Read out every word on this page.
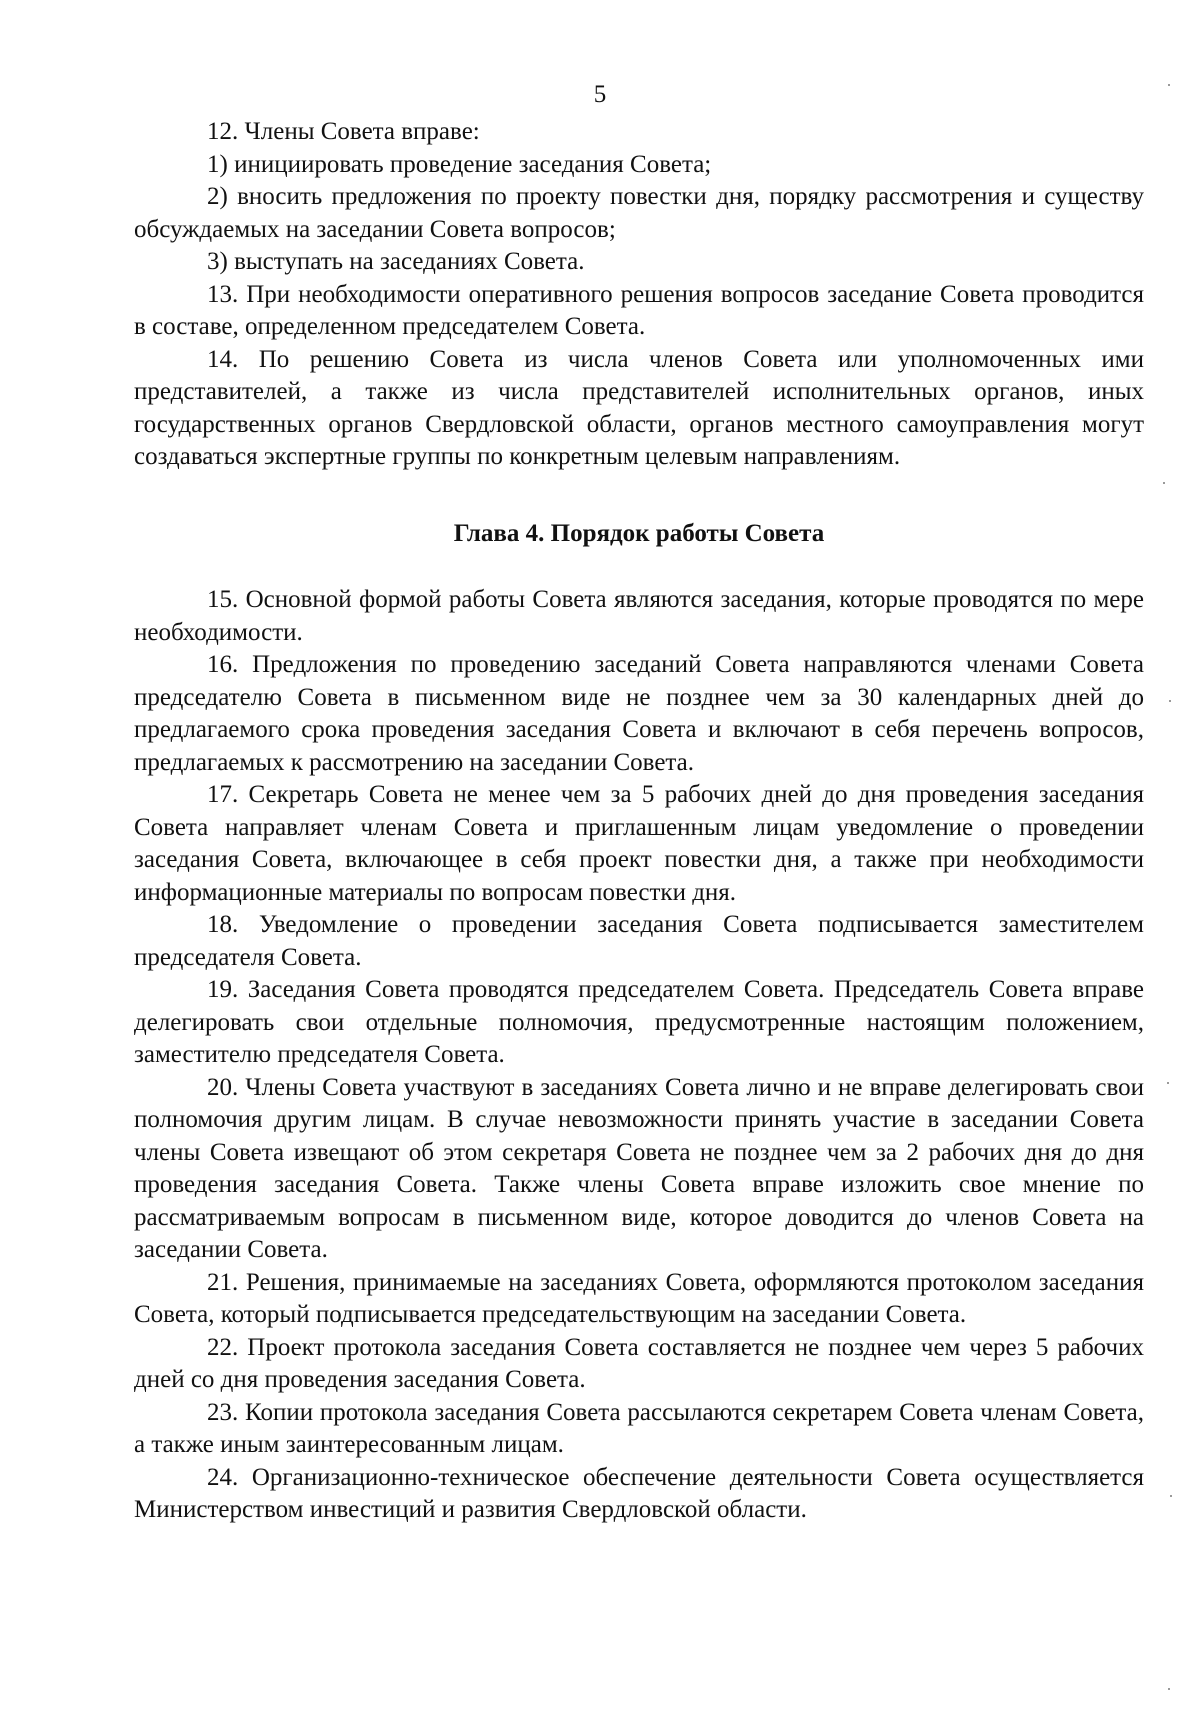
5

12. Члены Совета вправе:

1) инициировать проведение заседания Совета;

2) вносить предложения по проекту повестки дня, порядку рассмотрения и существу обсуждаемых на заседании Совета вопросов;

3) выступать на заседаниях Совета.

13. При необходимости оперативного решения вопросов заседание Совета проводится в составе, определенном председателем Совета.

14. По решению Совета из числа членов Совета или уполномоченных ими представителей, а также из числа представителей исполнительных органов, иных государственных органов Свердловской области, органов местного самоуправления могут создаваться экспертные группы по конкретным целевым направлениям.

Глава 4. Порядок работы Совета

15. Основной формой работы Совета являются заседания, которые проводятся по мере необходимости.

16. Предложения по проведению заседаний Совета направляются членами Совета председателю Совета в письменном виде не позднее чем за 30 календарных дней до предлагаемого срока проведения заседания Совета и включают в себя перечень вопросов, предлагаемых к рассмотрению на заседании Совета.

17. Секретарь Совета не менее чем за 5 рабочих дней до дня проведения заседания Совета направляет членам Совета и приглашенным лицам уведомление о проведении заседания Совета, включающее в себя проект повестки дня, а также при необходимости информационные материалы по вопросам повестки дня.

18. Уведомление о проведении заседания Совета подписывается заместителем председателя Совета.

19. Заседания Совета проводятся председателем Совета. Председатель Совета вправе делегировать свои отдельные полномочия, предусмотренные настоящим положением, заместителю председателя Совета.

20. Члены Совета участвуют в заседаниях Совета лично и не вправе делегировать свои полномочия другим лицам. В случае невозможности принять участие в заседании Совета члены Совета извещают об этом секретаря Совета не позднее чем за 2 рабочих дня до дня проведения заседания Совета. Также члены Совета вправе изложить свое мнение по рассматриваемым вопросам в письменном виде, которое доводится до членов Совета на заседании Совета.

21. Решения, принимаемые на заседаниях Совета, оформляются протоколом заседания Совета, который подписывается председательствующим на заседании Совета.

22. Проект протокола заседания Совета составляется не позднее чем через 5 рабочих дней со дня проведения заседания Совета.

23. Копии протокола заседания Совета рассылаются секретарем Совета членам Совета, а также иным заинтересованным лицам.

24. Организационно-техническое обеспечение деятельности Совета осуществляется Министерством инвестиций и развития Свердловской области.
